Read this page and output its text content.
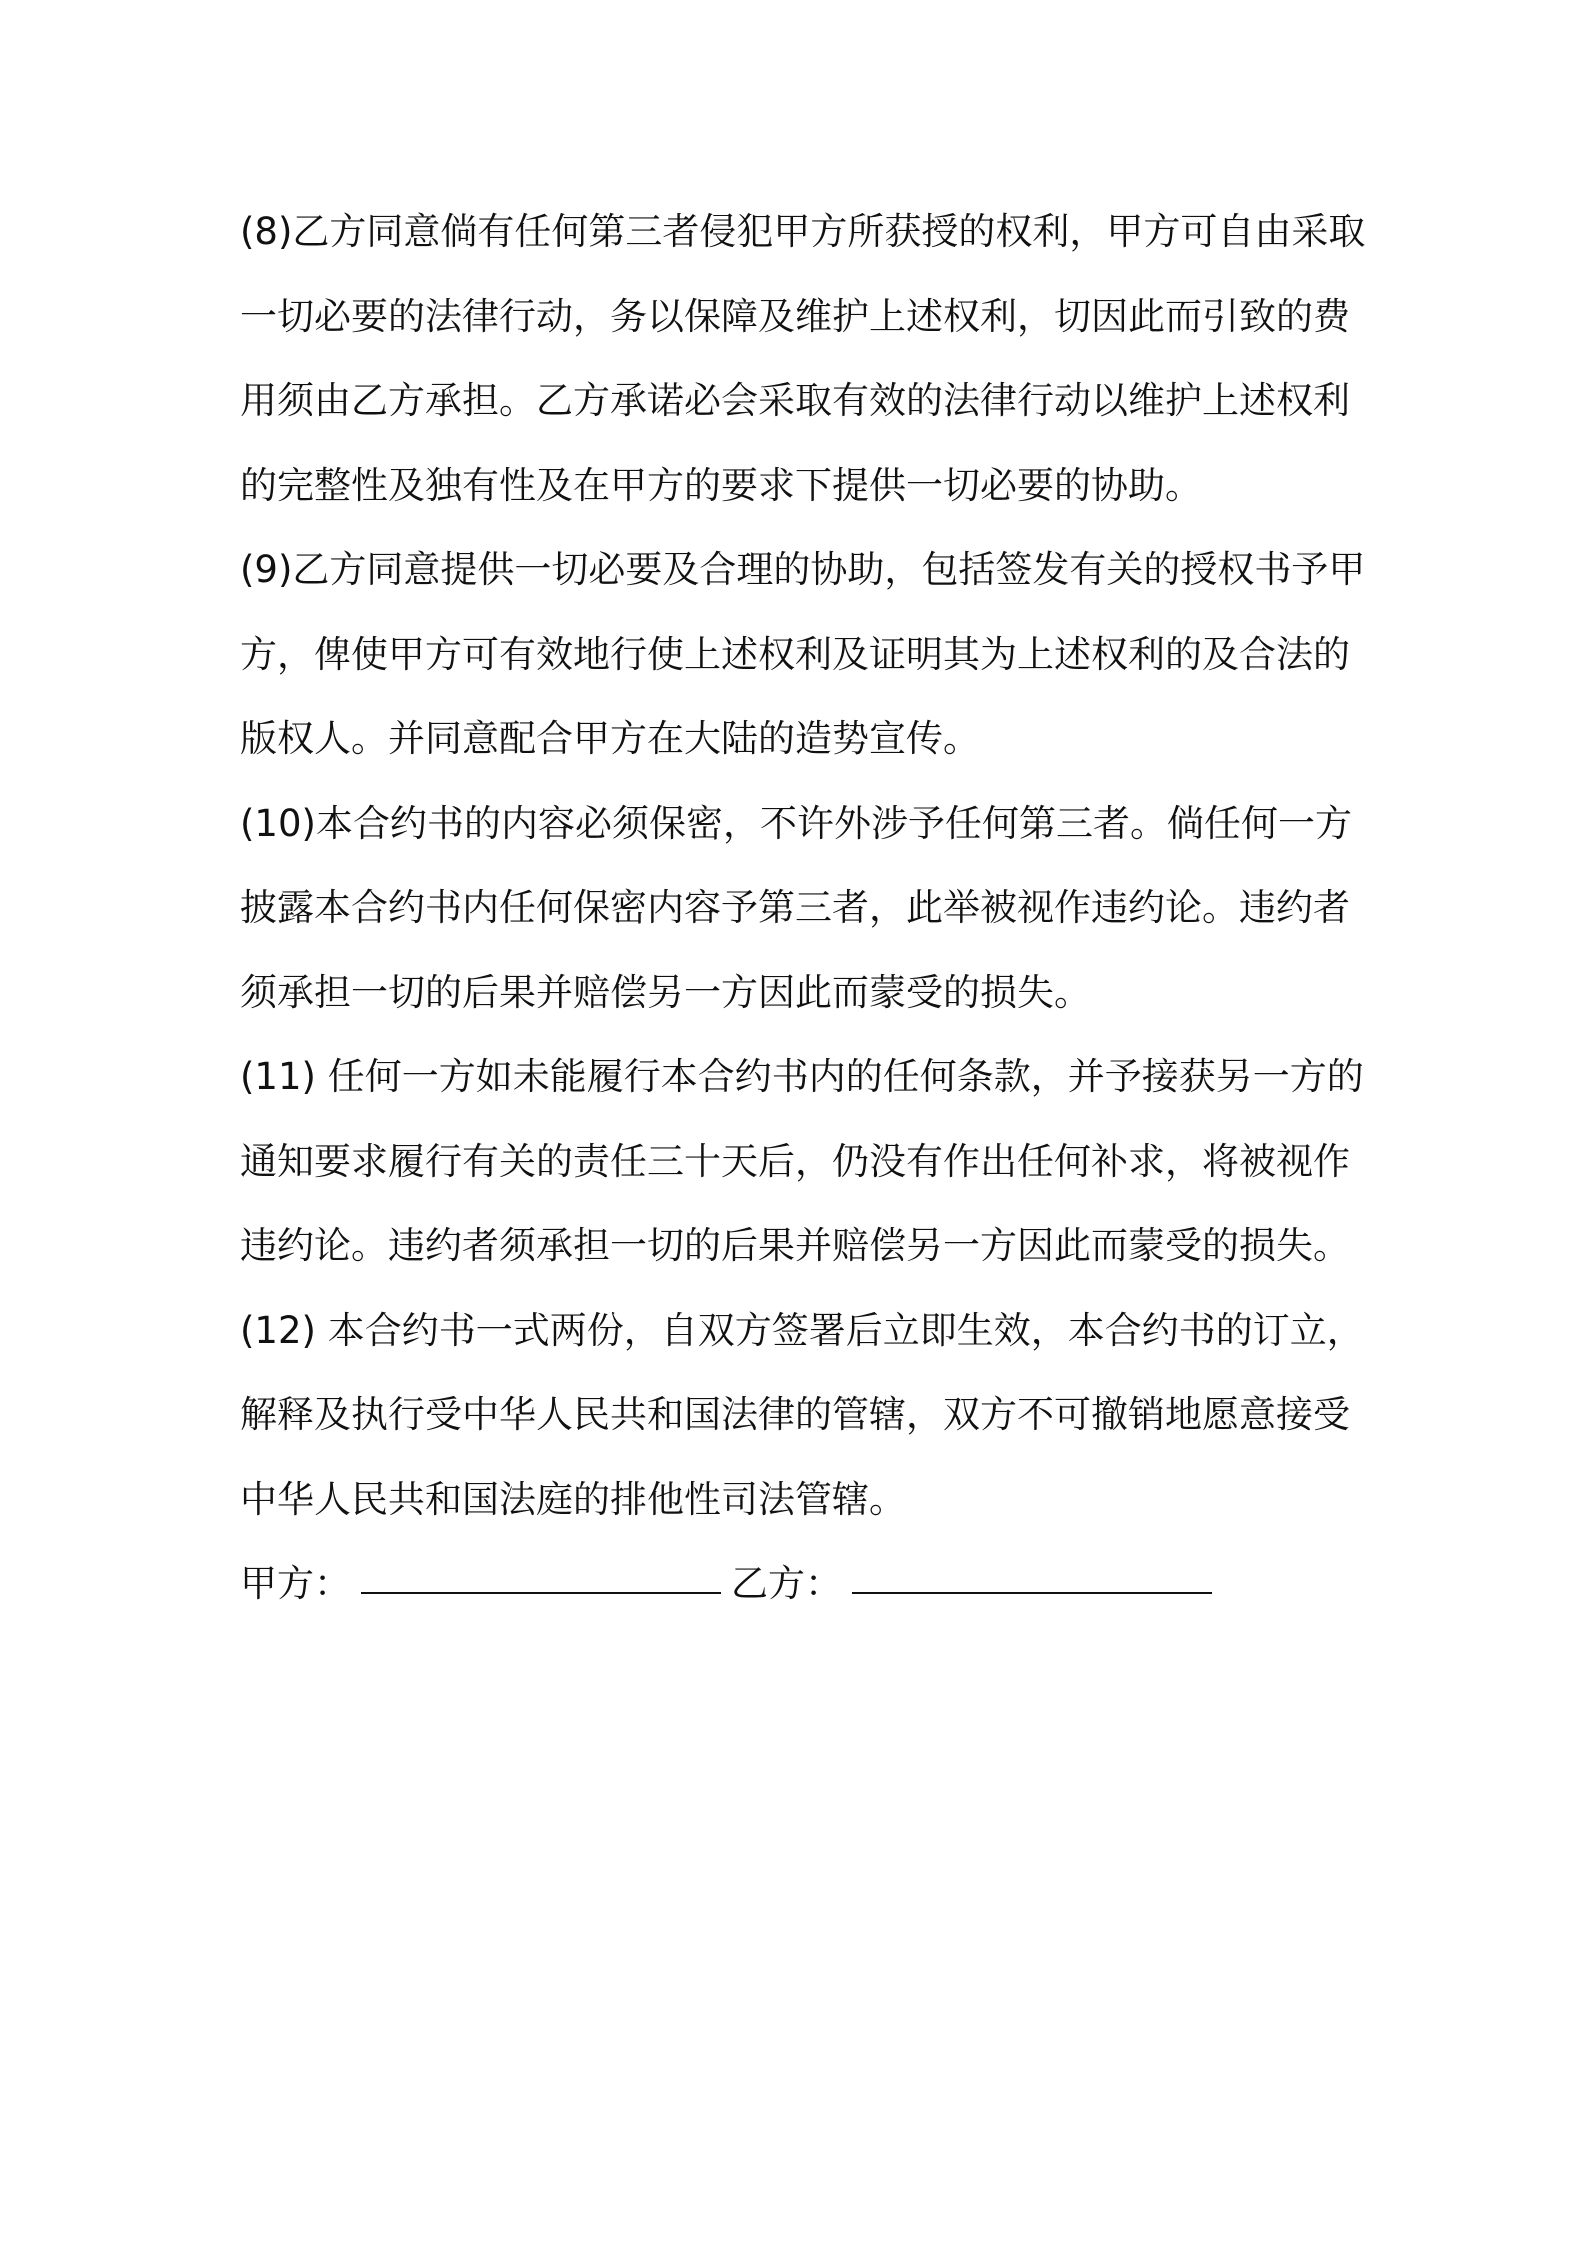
(8)乙方同意倘有任何第三者侵犯甲方所获授的权利，甲方可自由采取一切必要的法律行动，务以保障及维护上述权利，切因此而引致的费用须由乙方承担。乙方承诺必会采取有效的法律行动以维护上述权利的完整性及独有性及在甲方的要求下提供一切必要的协助。

(9)乙方同意提供一切必要及合理的协助，包括签发有关的授权书予甲方，俾使甲方可有效地行使上述权利及证明其为上述权利的及合法的版权人。并同意配合甲方在大陆的造势宣传。

(10)本合约书的内容必须保密，不许外涉予任何第三者。倘任何一方披露本合约书内任何保密内容予第三者，此举被视作违约论。违约者须承担一切的后果并赔偿另一方因此而蒙受的损失。

(11) 任何一方如未能履行本合约书内的任何条款，并予接获另一方的通知要求履行有关的责任三十天后，仍没有作出任何补求，将被视作违约论。违约者须承担一切的后果并赔偿另一方因此而蒙受的损失。

(12) 本合约书一式两份，自双方签署后立即生效，本合约书的订立，解释及执行受中华人民共和国法律的管辖，双方不可撤销地愿意接受中华人民共和国法庭的排他性司法管辖。

甲方：	乙方：
